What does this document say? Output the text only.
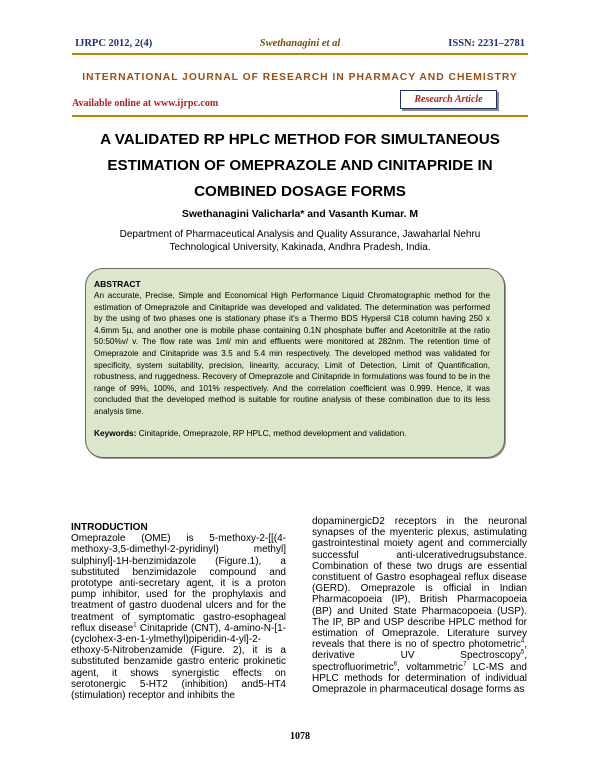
IJRPC 2012, 2(4)	Swethanagini et al	ISSN: 2231–2781
INTERNATIONAL JOURNAL OF RESEARCH IN PHARMACY AND CHEMISTRY
Available online at www.ijrpc.com	Research Article
A VALIDATED RP HPLC METHOD FOR SIMULTANEOUS
ESTIMATION OF OMEPRAZOLE AND CINITAPRIDE IN
COMBINED DOSAGE FORMS
Swethanagini Valicharla* and Vasanth Kumar. M
Department of Pharmaceutical Analysis and Quality Assurance, Jawaharlal Nehru
Technological University, Kakinada, Andhra Pradesh, India.
ABSTRACT
An accurate, Precise, Simple and Economical High Performance Liquid Chromatographic method for the estimation of Omeprazole and Cinitapride was developed and validated. The determination was performed by the using of two phases one is stationary phase it's a Thermo BDS Hypersil C18 column having 250 x 4.6mm 5µ, and another one is mobile phase containing 0.1N phosphate buffer and Acetonitrile at the ratio 50:50%v/ v. The flow rate was 1ml/ min and effluents were monitored at 282nm. The retention time of Omeprazole and Cinitapride was 3.5 and 5.4 min respectively. The developed method was validated for specificity, system suitability, precision, linearity, accuracy, Limit of Detection, Limit of Quantification, robustness, and ruggedness. Recovery of Omeprazole and Cinitapride in formulations was found to be in the range of 99%, 100%, and 101% respectively. And the correlation coefficient was 0.999. Hence, it was concluded that the developed method is suitable for routine analysis of these combination due to its less analysis time.
Keywords: Cinitapride, Omeprazole, RP HPLC, method development and validation.
INTRODUCTION
Omeprazole (OME) is 5-methoxy-2-[[(4-methoxy-3,5-dimethyl-2-pyridinyl) methyl] sulphinyl]-1H-benzimidazole (Figure.1), a substituted benzimidazole compound and prototype anti-secretary agent, it is a proton pump inhibitor, used for the prophylaxis and treatment of gastro duodenal ulcers and for the treatment of symptomatic gastro-esophageal reflux disease$^1$ Cinitapride (CNT), 4-amino-N-[1-(cyclohex-3-en-1-ylmethyl)piperidin-4-yl]-2-ethoxy-5-Nitrobenzamide (Figure. 2), it is a substituted benzamide gastro enteric prokinetic agent, it shows synergistic effects on serotonergic 5-HT2 (inhibition) and5-HT4 (stimulation) receptor and inhibits the
dopaminergicD2 receptors in the neuronal synapses of the myenteric plexus, astimulating gastrointestinal moiety agent and commercially successful anti-ulcerativedrugsubstance. Combination of these two drugs are essential constituent of Gastro esophageal reflux disease (GERD). Omeprazole is official in Indian Pharmacopoeia (IP), British Pharmacopoeia (BP) and United State Pharmacopoeia (USP). The IP, BP and USP describe HPLC method for estimation of Omeprazole. Literature survey reveals that there is no of spectro photometric$^4$, derivative UV Spectroscopy$^5$, spectrofluorimetric$^6$, voltammetric$^7$ LC-MS and HPLC methods for determination of individual Omeprazole in pharmaceutical dosage forms as
1078
